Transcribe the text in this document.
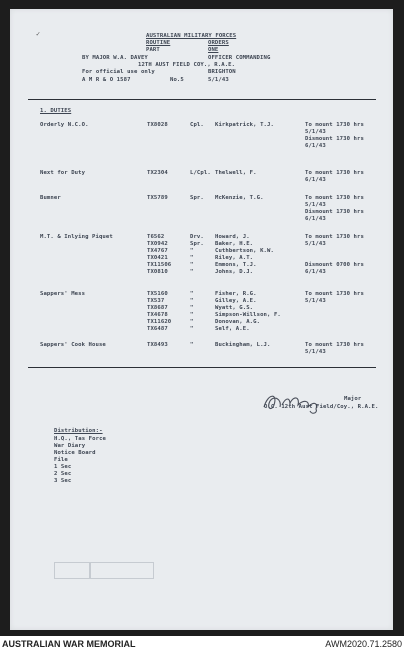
✓	AUSTRALIAN MILITARY FORCES
ROUTINE	ORDERS
PART	ONE
BY MAJOR W.A. DAVEY	OFFICER COMMANDING
12TH AUST FIELD COY., R.A.E.
For official use only	BRIGHTON
A M R & O 1587	No.5	5/1/43
1. DUTIES
Orderly N.C.O.	TX8028	Cpl. Kirkpatrick, T.J.	To mount 1730 hrs
5/1/43
Dismount 1730 hrs
6/1/43
Next for Duty	TX2304	L/Cpl. Thelwell, F.	To mount 1730 hrs
6/1/43
Bumner	TX5789	Spr. McKenzie, T.G.	To mount 1730 hrs
5/1/43
Dismount 1730 hrs
6/1/43
M.T. & Inlying Piquet	T6562	Drv. Howard, J.	To mount 1730 hrs
TX0942	Spr. Baker, H.E.	5/1/43
TX4767	"	Cuthbertson, K.W.
TX0421	"	Riley, A.T.
TX11506	"	Emmons, T.J.	Dismount 0700 hrs
TX0810	"	Johns, D.J.	6/1/43
Sappers' Mess	TX5160	"	Fisher, R.G.	To mount 1730 hrs
TX537	"	Gilley, A.E.	5/1/43
TX8687	"	Wyatt, G.S.
TX4678	"	Simpson-Willson, F.
TX11620	"	Donovan, A.G.
TX6487	"	Self, A.E.
Sappers' Cook House	TX8493	"	Buckingham, L.J.	To mount 1730 hrs
5/1/43
Major
O.C. 12th Aust Field/Coy., R.A.E.
Distribution:-
H.Q., Tas Force
War Diary
Notice Board
File
1 Sec
2 Sec
3 Sec
AUSTRALIAN WAR MEMORIAL	AWM2020.71.2580
